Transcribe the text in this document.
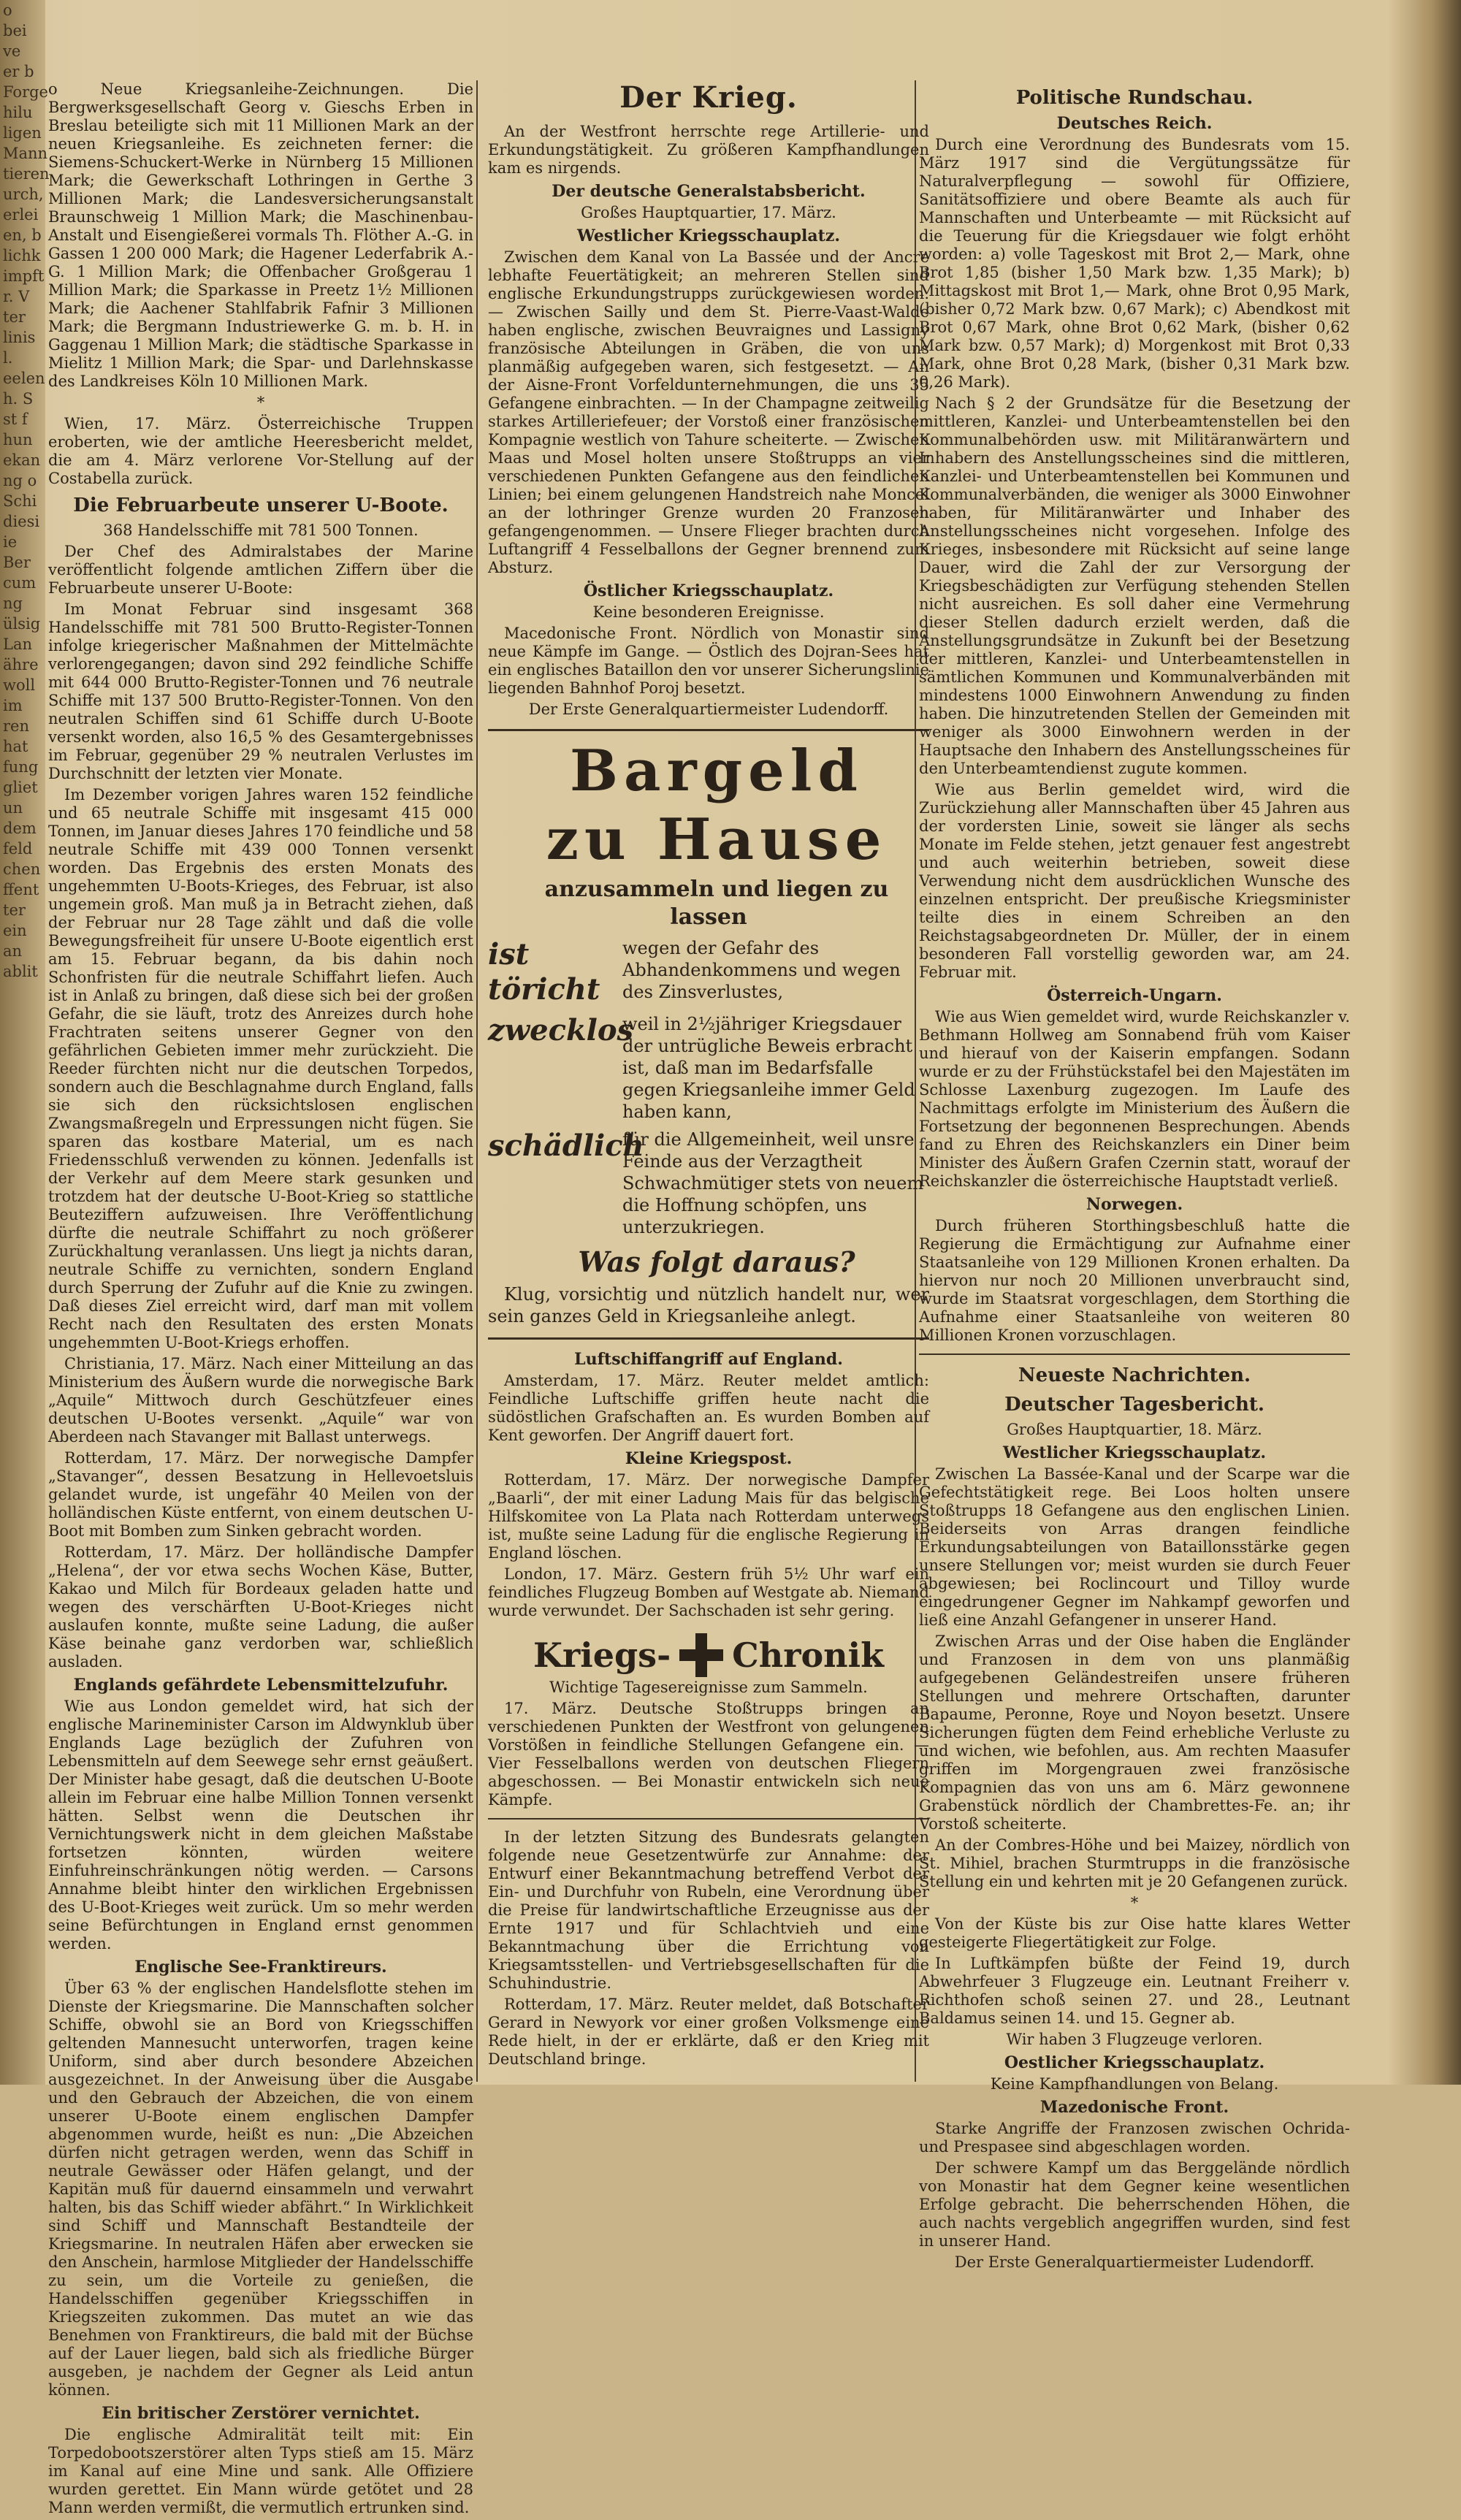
o

bei

ve

er b

Forge

hilu

ligen

Mann

tieren

urch,

erlei

en, b

lichk

impft

r. V

ter

linis

l.

eelen

h. S

st f

hun

ekan

ng o

Schi

diesi

ie

Ber

cum

ng

ülsig

Lan

ähre

woll

im

ren

hat

fung

gliet

un

dem

feld

chen

ffent

ter

ein

an

ablit

o Neue Kriegsanleihe-Zeichnungen. Die Bergwerksgesellschaft Georg v. Gieschs Erben in Breslau beteiligte sich mit 11 Millionen Mark an der neuen Kriegsanleihe. Es zeichneten ferner: die Siemens-Schuckert-Werke in Nürnberg 15 Millionen Mark; die Gewerkschaft Lothringen in Gerthe 3 Millionen Mark; die Landesversicherungsanstalt Braunschweig 1 Million Mark; die Maschinenbau-Anstalt und Eisengießerei vormals Th. Flöther A.-G. in Gassen 1 200 000 Mark; die Hagener Lederfabrik A.-G. 1 Million Mark; die Offenbacher Großgerau 1 Million Mark; die Sparkasse in Preetz 1½ Millionen Mark; die Aachener Stahlfabrik Fafnir 3 Millionen Mark; die Bergmann Industriewerke G. m. b. H. in Gaggenau 1 Million Mark; die städtische Sparkasse in Mielitz 1 Million Mark; die Spar- und Darlehnskasse des Landkreises Köln 10 Millionen Mark.

*

Wien, 17. März. Österreichische Truppen eroberten, wie der amtliche Heeresbericht meldet, die am 4. März verlorene Vor-Stellung auf der Costabella zurück.

Die Februarbeute unserer U-Boote.

368 Handelsschiffe mit 781 500 Tonnen.

Der Chef des Admiralstabes der Marine veröffentlicht folgende amtlichen Ziffern über die Februarbeute unserer U-Boote:

Im Monat Februar sind insgesamt 368 Handelsschiffe mit 781 500 Brutto-Register-Tonnen infolge kriegerischer Maßnahmen der Mittelmächte verlorengegangen; davon sind 292 feindliche Schiffe mit 644 000 Brutto-Register-Tonnen und 76 neutrale Schiffe mit 137 500 Brutto-Register-Tonnen. Von den neutralen Schiffen sind 61 Schiffe durch U-Boote versenkt worden, also 16,5 % des Gesamtergebnisses im Februar, gegenüber 29 % neutralen Verlustes im Durchschnitt der letzten vier Monate.

Im Dezember vorigen Jahres waren 152 feindliche und 65 neutrale Schiffe mit insgesamt 415 000 Tonnen, im Januar dieses Jahres 170 feindliche und 58 neutrale Schiffe mit 439 000 Tonnen versenkt worden. Das Ergebnis des ersten Monats des ungehemmten U-Boots-Krieges, des Februar, ist also ungemein groß. Man muß ja in Betracht ziehen, daß der Februar nur 28 Tage zählt und daß die volle Bewegungsfreiheit für unsere U-Boote eigentlich erst am 15. Februar begann, da bis dahin noch Schonfristen für die neutrale Schiffahrt liefen. Auch ist in Anlaß zu bringen, daß diese sich bei der großen Gefahr, die sie läuft, trotz des Anreizes durch hohe Frachtraten seitens unserer Gegner von den gefährlichen Gebieten immer mehr zurückzieht. Die Reeder fürchten nicht nur die deutschen Torpedos, sondern auch die Beschlagnahme durch England, falls sie sich den rücksichtslosen englischen Zwangsmaßregeln und Erpressungen nicht fügen. Sie sparen das kostbare Material, um es nach Friedensschluß verwenden zu können. Jedenfalls ist der Verkehr auf dem Meere stark gesunken und trotzdem hat der deutsche U-Boot-Krieg so stattliche Beuteziffern aufzuweisen. Ihre Veröffentlichung dürfte die neutrale Schiffahrt zu noch größerer Zurückhaltung veranlassen. Uns liegt ja nichts daran, neutrale Schiffe zu vernichten, sondern England durch Sperrung der Zufuhr auf die Knie zu zwingen. Daß dieses Ziel erreicht wird, darf man mit vollem Recht nach den Resultaten des ersten Monats ungehemmten U-Boot-Kriegs erhoffen.

Christiania, 17. März. Nach einer Mitteilung an das Ministerium des Äußern wurde die norwegische Bark „Aquile“ Mittwoch durch Geschützfeuer eines deutschen U-Bootes versenkt. „Aquile“ war von Aberdeen nach Stavanger mit Ballast unterwegs.

Rotterdam, 17. März. Der norwegische Dampfer „Stavanger“, dessen Besatzung in Hellevoetsluis gelandet wurde, ist ungefähr 40 Meilen von der holländischen Küste entfernt, von einem deutschen U-Boot mit Bomben zum Sinken gebracht worden.

Rotterdam, 17. März. Der holländische Dampfer „Helena“, der vor etwa sechs Wochen Käse, Butter, Kakao und Milch für Bordeaux geladen hatte und wegen des verschärften U-Boot-Krieges nicht auslaufen konnte, mußte seine Ladung, die außer Käse beinahe ganz verdorben war, schließlich ausladen.

Englands gefährdete Lebensmittelzufuhr.

Wie aus London gemeldet wird, hat sich der englische Marineminister Carson im Aldwynklub über Englands Lage bezüglich der Zufuhren von Lebensmitteln auf dem Seewege sehr ernst geäußert. Der Minister habe gesagt, daß die deutschen U-Boote allein im Februar eine halbe Million Tonnen versenkt hätten. Selbst wenn die Deutschen ihr Vernichtungswerk nicht in dem gleichen Maßstabe fortsetzen könnten, würden weitere Einfuhreinschränkungen nötig werden. — Carsons Annahme bleibt hinter den wirklichen Ergebnissen des U-Boot-Krieges weit zurück. Um so mehr werden seine Befürchtungen in England ernst genommen werden.

Englische See-Franktireurs.

Über 63 % der englischen Handelsflotte stehen im Dienste der Kriegsmarine. Die Mannschaften solcher Schiffe, obwohl sie an Bord von Kriegsschiffen geltenden Mannesucht unterworfen, tragen keine Uniform, sind aber durch besondere Abzeichen ausgezeichnet. In der Anweisung über die Ausgabe und den Gebrauch der Abzeichen, die von einem unserer U-Boote einem englischen Dampfer abgenommen wurde, heißt es nun: „Die Abzeichen dürfen nicht getragen werden, wenn das Schiff in neutrale Gewässer oder Häfen gelangt, und der Kapitän muß für dauernd einsammeln und verwahrt halten, bis das Schiff wieder abfährt.“ In Wirklichkeit sind Schiff und Mannschaft Bestandteile der Kriegsmarine. In neutralen Häfen aber erwecken sie den Anschein, harmlose Mitglieder der Handelsschiffe zu sein, um die Vorteile zu genießen, die Handelsschiffen gegenüber Kriegsschiffen in Kriegszeiten zukommen. Das mutet an wie das Benehmen von Franktireurs, die bald mit der Büchse auf der Lauer liegen, bald sich als friedliche Bürger ausgeben, je nachdem der Gegner als Leid antun können.

Ein britischer Zerstörer vernichtet.

Die englische Admiralität teilt mit: Ein Torpedobootszerstörer alten Typs stieß am 15. März im Kanal auf eine Mine und sank. Alle Offiziere wurden gerettet. Ein Mann würde getötet und 28 Mann werden vermißt, die vermutlich ertrunken sind.

Der Krieg.

An der Westfront herrschte rege Artillerie- und Erkundungstätigkeit. Zu größeren Kampfhandlungen kam es nirgends.

Der deutsche Generalstabsbericht.

Großes Hauptquartier, 17. März.

Westlicher Kriegsschauplatz.

Zwischen dem Kanal von La Bassée und der Ancre lebhafte Feuertätigkeit; an mehreren Stellen sind englische Erkundungstrupps zurückgewiesen worden. — Zwischen Sailly und dem St. Pierre-Vaast-Walde haben englische, zwischen Beuvraignes und Lassigny französische Abteilungen in Gräben, die von uns planmäßig aufgegeben waren, sich festgesetzt. — An der Aisne-Front Vorfeldunternehmungen, die uns 35 Gefangene einbrachten. — In der Champagne zeitweilig starkes Artilleriefeuer; der Vorstoß einer französischen Kompagnie westlich von Tahure scheiterte. — Zwischen Maas und Mosel holten unsere Stoßtrupps an vier verschiedenen Punkten Gefangene aus den feindlichen Linien; bei einem gelungenen Handstreich nahe Moncel an der lothringer Grenze wurden 20 Franzosen gefangengenommen. — Unsere Flieger brachten durch Luftangriff 4 Fesselballons der Gegner brennend zum Absturz.

Östlicher Kriegsschauplatz.

Keine besonderen Ereignisse.

Macedonische Front. Nördlich von Monastir sind neue Kämpfe im Gange. — Östlich des Dojran-Sees hat ein englisches Bataillon den vor unserer Sicherungslinie liegenden Bahnhof Poroj besetzt.

Der Erste Generalquartiermeister Ludendorff.

Bargeld

zu Hause

anzusammeln und liegen zu lassen

ist töricht
wegen der Gefahr des Abhandenkommens und wegen des Zinsverlustes,
zwecklos
weil in 2½jähriger Kriegsdauer der untrügliche Beweis erbracht ist, daß man im Bedarfsfalle gegen Kriegsanleihe immer Geld haben kann,
schädlich
für die Allgemeinheit, weil unsre Feinde aus der Verzagtheit Schwachmütiger stets von neuem die Hoffnung schöpfen, uns unterzukriegen.

Was folgt daraus?

Klug, vorsichtig und nützlich handelt nur, wer sein ganzes Geld in Kriegsanleihe anlegt.

Luftschiffangriff auf England.

Amsterdam, 17. März. Reuter meldet amtlich: Feindliche Luftschiffe griffen heute nacht die südöstlichen Grafschaften an. Es wurden Bomben auf Kent geworfen. Der Angriff dauert fort.

Kleine Kriegspost.

Rotterdam, 17. März. Der norwegische Dampfer „Baarli“, der mit einer Ladung Mais für das belgische Hilfskomitee von La Plata nach Rotterdam unterwegs ist, mußte seine Ladung für die englische Regierung in England löschen.

London, 17. März. Gestern früh 5½ Uhr warf ein feindliches Flugzeug Bomben auf Westgate ab. Niemand wurde verwundet. Der Sachschaden ist sehr gering.

Kriegs- Chronik

Wichtige Tagesereignisse zum Sammeln.

17. März. Deutsche Stoßtrupps bringen an verschiedenen Punkten der Westfront von gelungenen Vorstößen in feindliche Stellungen Gefangene ein. — Vier Fesselballons werden von deutschen Fliegern abgeschossen. — Bei Monastir entwickeln sich neue Kämpfe.

In der letzten Sitzung des Bundesrats gelangten folgende neue Gesetzentwürfe zur Annahme: der Entwurf einer Bekanntmachung betreffend Verbot der Ein- und Durchfuhr von Rubeln, eine Verordnung über die Preise für landwirtschaftliche Erzeugnisse aus der Ernte 1917 und für Schlachtvieh und eine Bekanntmachung über die Errichtung von Kriegsamtsstellen- und Vertriebsgesellschaften für die Schuhindustrie.

Rotterdam, 17. März. Reuter meldet, daß Botschafter Gerard in Newyork vor einer großen Volksmenge eine Rede hielt, in der er erklärte, daß er den Krieg mit Deutschland bringe.

Politische Rundschau.
Deutsches Reich.

Durch eine Verordnung des Bundesrats vom 15. März 1917 sind die Vergütungssätze für Naturalverpflegung — sowohl für Offiziere, Sanitätsoffiziere und obere Beamte als auch für Mannschaften und Unterbeamte — mit Rücksicht auf die Teuerung für die Kriegsdauer wie folgt erhöht worden: a) volle Tageskost mit Brot 2,— Mark, ohne Brot 1,85 (bisher 1,50 Mark bzw. 1,35 Mark); b) Mittagskost mit Brot 1,— Mark, ohne Brot 0,95 Mark, (bisher 0,72 Mark bzw. 0,67 Mark); c) Abendkost mit Brot 0,67 Mark, ohne Brot 0,62 Mark, (bisher 0,62 Mark bzw. 0,57 Mark); d) Morgenkost mit Brot 0,33 Mark, ohne Brot 0,28 Mark, (bisher 0,31 Mark bzw. 0,26 Mark).

Nach § 2 der Grundsätze für die Besetzung der mittleren, Kanzlei- und Unterbeamtenstellen bei den Kommunalbehörden usw. mit Militäranwärtern und Inhabern des Anstellungsscheines sind die mittleren, Kanzlei- und Unterbeamtenstellen bei Kommunen und Kommunalverbänden, die weniger als 3000 Einwohner haben, für Militäranwärter und Inhaber des Anstellungsscheines nicht vorgesehen. Infolge des Krieges, insbesondere mit Rücksicht auf seine lange Dauer, wird die Zahl der zur Versorgung der Kriegsbeschädigten zur Verfügung stehenden Stellen nicht ausreichen. Es soll daher eine Vermehrung dieser Stellen dadurch erzielt werden, daß die Anstellungsgrundsätze in Zukunft bei der Besetzung der mittleren, Kanzlei- und Unterbeamtenstellen in sämtlichen Kommunen und Kommunalverbänden mit mindestens 1000 Einwohnern Anwendung zu finden haben. Die hinzutretenden Stellen der Gemeinden mit weniger als 3000 Einwohnern werden in der Hauptsache den Inhabern des Anstellungsscheines für den Unterbeamtendienst zugute kommen.

Wie aus Berlin gemeldet wird, wird die Zurückziehung aller Mannschaften über 45 Jahren aus der vordersten Linie, soweit sie länger als sechs Monate im Felde stehen, jetzt genauer fest angestrebt und auch weiterhin betrieben, soweit diese Verwendung nicht dem ausdrücklichen Wunsche des einzelnen entspricht. Der preußische Kriegsminister teilte dies in einem Schreiben an den Reichstagsabgeordneten Dr. Müller, der in einem besonderen Fall vorstellig geworden war, am 24. Februar mit.

Österreich-Ungarn.

Wie aus Wien gemeldet wird, wurde Reichskanzler v. Bethmann Hollweg am Sonnabend früh vom Kaiser und hierauf von der Kaiserin empfangen. Sodann wurde er zu der Frühstückstafel bei den Majestäten im Schlosse Laxenburg zugezogen. Im Laufe des Nachmittags erfolgte im Ministerium des Äußern die Fortsetzung der begonnenen Besprechungen. Abends fand zu Ehren des Reichskanzlers ein Diner beim Minister des Äußern Grafen Czernin statt, worauf der Reichskanzler die österreichische Hauptstadt verließ.

Norwegen.

Durch früheren Storthingsbeschluß hatte die Regierung die Ermächtigung zur Aufnahme einer Staatsanleihe von 129 Millionen Kronen erhalten. Da hiervon nur noch 20 Millionen unverbraucht sind, wurde im Staatsrat vorgeschlagen, dem Storthing die Aufnahme einer Staatsanleihe von weiteren 80 Millionen Kronen vorzuschlagen.

Neueste Nachrichten.
Deutscher Tagesbericht.

Großes Hauptquartier, 18. März.

Westlicher Kriegsschauplatz.

Zwischen La Bassée-Kanal und der Scarpe war die Gefechtstätigkeit rege. Bei Loos holten unsere Stoßtrupps 18 Gefangene aus den englischen Linien. Beiderseits von Arras drangen feindliche Erkundungsabteilungen von Bataillonsstärke gegen unsere Stellungen vor; meist wurden sie durch Feuer abgewiesen; bei Roclincourt und Tilloy wurde eingedrungener Gegner im Nahkampf geworfen und ließ eine Anzahl Gefangener in unserer Hand.

Zwischen Arras und der Oise haben die Engländer und Franzosen in dem von uns planmäßig aufgegebenen Geländestreifen unsere früheren Stellungen und mehrere Ortschaften, darunter Bapaume, Peronne, Roye und Noyon besetzt. Unsere Sicherungen fügten dem Feind erhebliche Verluste zu und wichen, wie befohlen, aus. Am rechten Maasufer griffen im Morgengrauen zwei französische Kompagnien das von uns am 6. März gewonnene Grabenstück nördlich der Chambrettes-Fe. an; ihr Vorstoß scheiterte.

An der Combres-Höhe und bei Maizey, nördlich von St. Mihiel, brachen Sturmtrupps in die französische Stellung ein und kehrten mit je 20 Gefangenen zurück.

*

Von der Küste bis zur Oise hatte klares Wetter gesteigerte Fliegertätigkeit zur Folge.

In Luftkämpfen büßte der Feind 19, durch Abwehrfeuer 3 Flugzeuge ein. Leutnant Freiherr v. Richthofen schoß seinen 27. und 28., Leutnant Baldamus seinen 14. und 15. Gegner ab.

Wir haben 3 Flugzeuge verloren.

Oestlicher Kriegsschauplatz.

Keine Kampfhandlungen von Belang.

Mazedonische Front.

Starke Angriffe der Franzosen zwischen Ochrida- und Prespasee sind abgeschlagen worden.

Der schwere Kampf um das Berggelände nördlich von Monastir hat dem Gegner keine wesentlichen Erfolge gebracht. Die beherrschenden Höhen, die auch nachts vergeblich angegriffen wurden, sind fest in unserer Hand.

Der Erste Generalquartiermeister Ludendorff.
